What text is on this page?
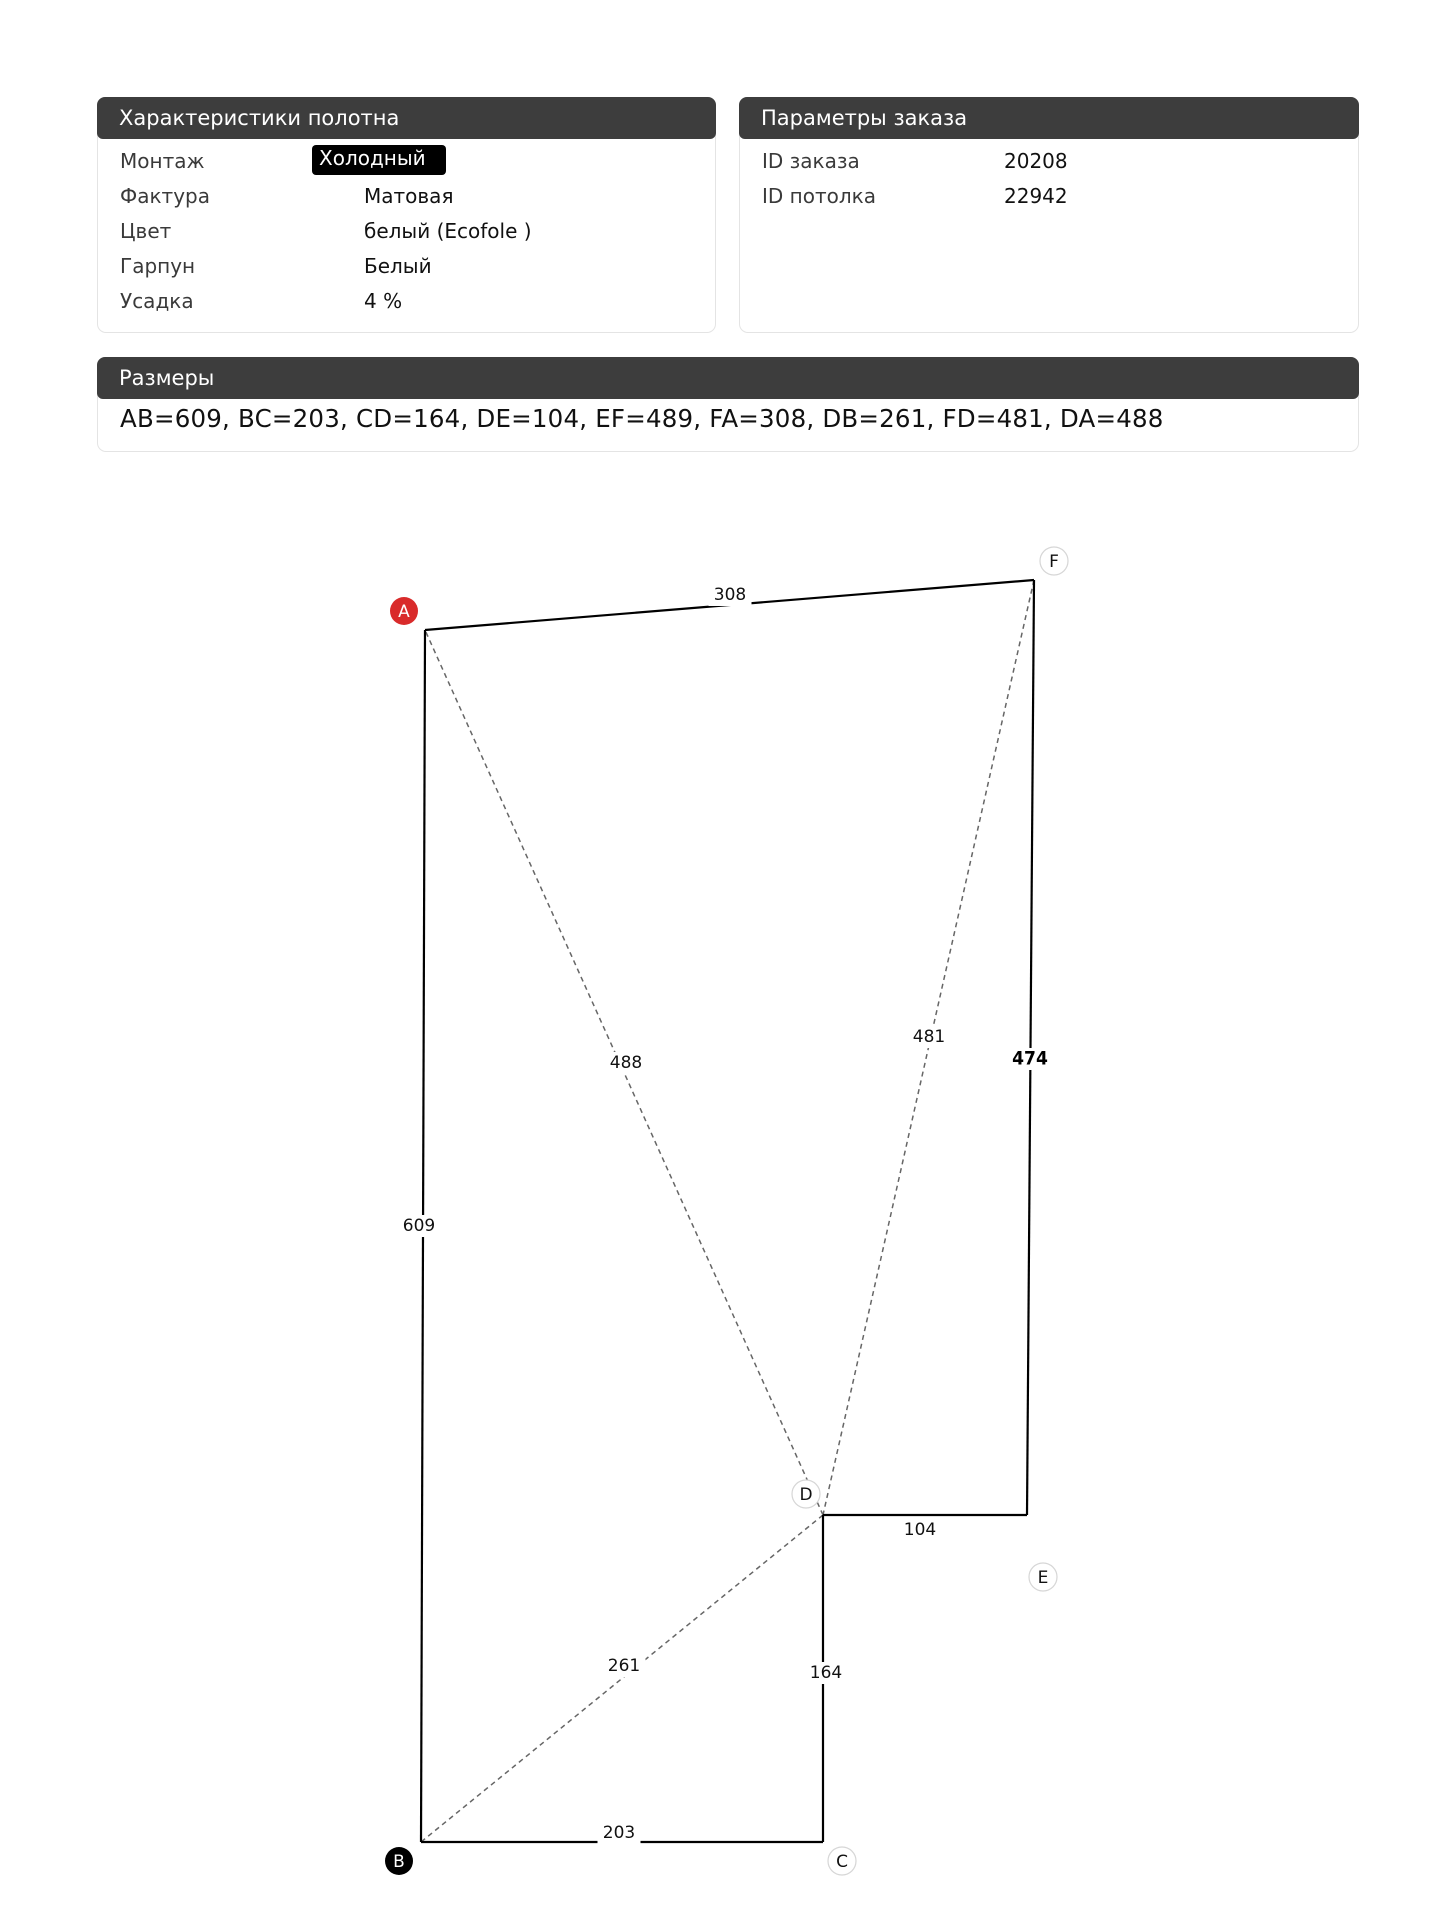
Характеристики полотна
Монтаж	Холодный
Фактура	Матовая
Цвет	белый (Ecofole )
Гарпун	Белый
Усадка	4 %
Параметры заказа
ID заказа	20208
ID потолка	22942
Размеры
AB=609, BC=203, CD=164, DE=104, EF=489, FA=308, DB=261, FD=481, DA=488
609
203
164
104
474
308
488
481
261
A
B	C
D
E
F
